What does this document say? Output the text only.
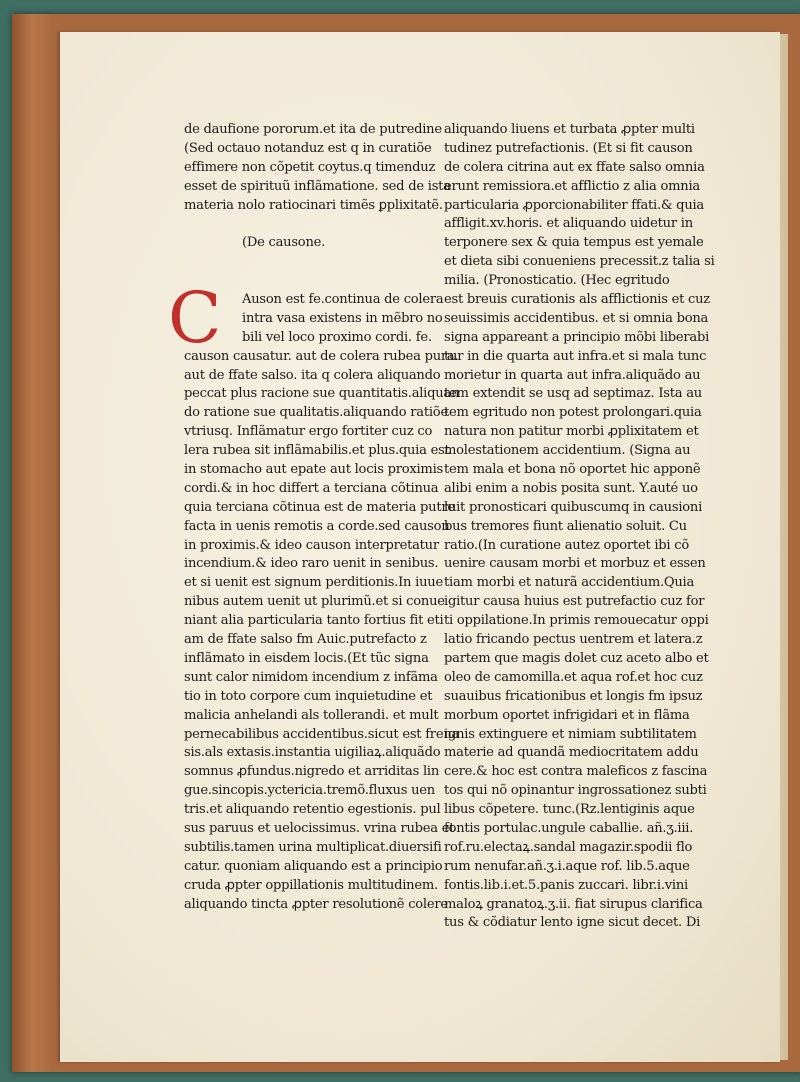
de daufione pororum.et ita de putredine
(Sed octauo notanduz est q in curatiõe
effimere non cõpetit coytus.q timenduz
esset de spirituũ inflãmatione. sed de ista
materia nolo ratiocinari timẽs ꝑplixitatẽ.
(De causone.
Auson est fe.continua de colera
intra vasa existens in mẽbro no
bili vel loco proximo cordi. fe.
causon causatur. aut de colera rubea pura.
aut de ffate salso. ita q colera aliquando
peccat plus racione sue quantitatis.aliquan
do ratione sue qualitatis.aliquando ratiõe
vtriusq. Inflãmatur ergo fortiter cuz co
lera rubea sit inflãmabilis.et plus.quia est
in stomacho aut epate aut locis proximis
cordi.& in hoc differt a terciana cõtinua
quia terciana cõtinua est de materia putre
facta in uenis remotis a corde.sed causon
in proximis.& ideo causon interpretatur
incendium.& ideo raro uenit in senibus.
et si uenit est signum perditionis.In iuue
nibus autem uenit ut plurimũ.et si conue
niant alia particularia tanto fortius fit eti
am de ffate salso fm Auic.putrefacto z
inflãmato in eisdem locis.(Et tũc signa
sunt calor nimidom incendium z infãma
tio in toto corpore cum inquietudine et
malicia anhelandi als tollerandi. et mult
pernecabilibus accidentibus.sicut est frena
sis.als extasis.instantia uigiliaꝝ.aliquãdo
somnus ꝓfundus.nigredo et arriditas lin
gue.sincopis.yctericia.tremõ.fluxus uen
tris.et aliquando retentio egestionis. pul
sus paruus et uelocissimus. vrina rubea et
subtilis.tamen urina multiplicat.diuersifi
catur. quoniam aliquando est a principio
cruda ꝓpter oppillationis multitudinem.
aliquando tincta ꝓpter resolutionẽ colere
C
aliquando liuens et turbata ꝓpter multi
tudinez putrefactionis. (Et si fit causon
de colera citrina aut ex ffate salso omnia
erunt remissiora.et afflictio z alia omnia
particularia ꝓporcionabiliter ffati.& quia
affligit.xv.horis. et aliquando uidetur in
terponere sex & quia tempus est yemale
et dieta sibi conueniens precessit.z talia si
milia. (Pronosticatio. (Hec egritudo
est breuis curationis als afflictionis et cuz
seuissimis accidentibus. et si omnia bona
signa appareant a principio mõbi liberabi
tur in die quarta aut infra.et si mala tunc
morietur in quarta aut infra.aliquãdo au
tem extendit se usq ad septimaz. Ista au
tem egritudo non potest prolongari.quia
natura non patitur morbi ꝓplixitatem et
molestationem accidentium. (Signa au
tem mala et bona nõ oportet hic apponẽ
alibi enim a nobis posita sunt. Y.auté uo
luit pronosticari quibuscumq in causioni
bus tremores fiunt alienatio soluit. Cu
ratio.(In curatione autez oportet ibi cõ
uenire causam morbi et morbuz et essen
tiam morbi et naturã accidentium.Quia
igitur causa huius est putrefactio cuz for
ti oppilatione.In primis remouecatur oppi
latio fricando pectus uentrem et latera.z
partem que magis dolet cuz aceto albo et
oleo de camomilla.et aqua rof.et hoc cuz
suauibus fricationibus et longis fm ipsuz
morbum oportet infrigidari et in flãma
ignis extinguere et nimiam subtilitatem
materie ad quandã mediocritatem addu
cere.& hoc est contra maleficos z fascina
tos qui nõ opinantur ingrossationez subti
libus cõpetere. tunc.(Rz.lentiginis aque
fontis portulac.ungule caballie. añ.ʒ.iii.
rof.ru.electaꝝ.sandal magazir.spodii flo
rum nenufar.añ.ʒ.i.aque rof. lib.5.aque
fontis.lib.i.et.5.panis zuccari. libr.i.vini
maloꝝ granatoꝝ.ʒ.ii. fiat sirupus clarifica
tus & cõdiatur lento igne sicut decet. Di
